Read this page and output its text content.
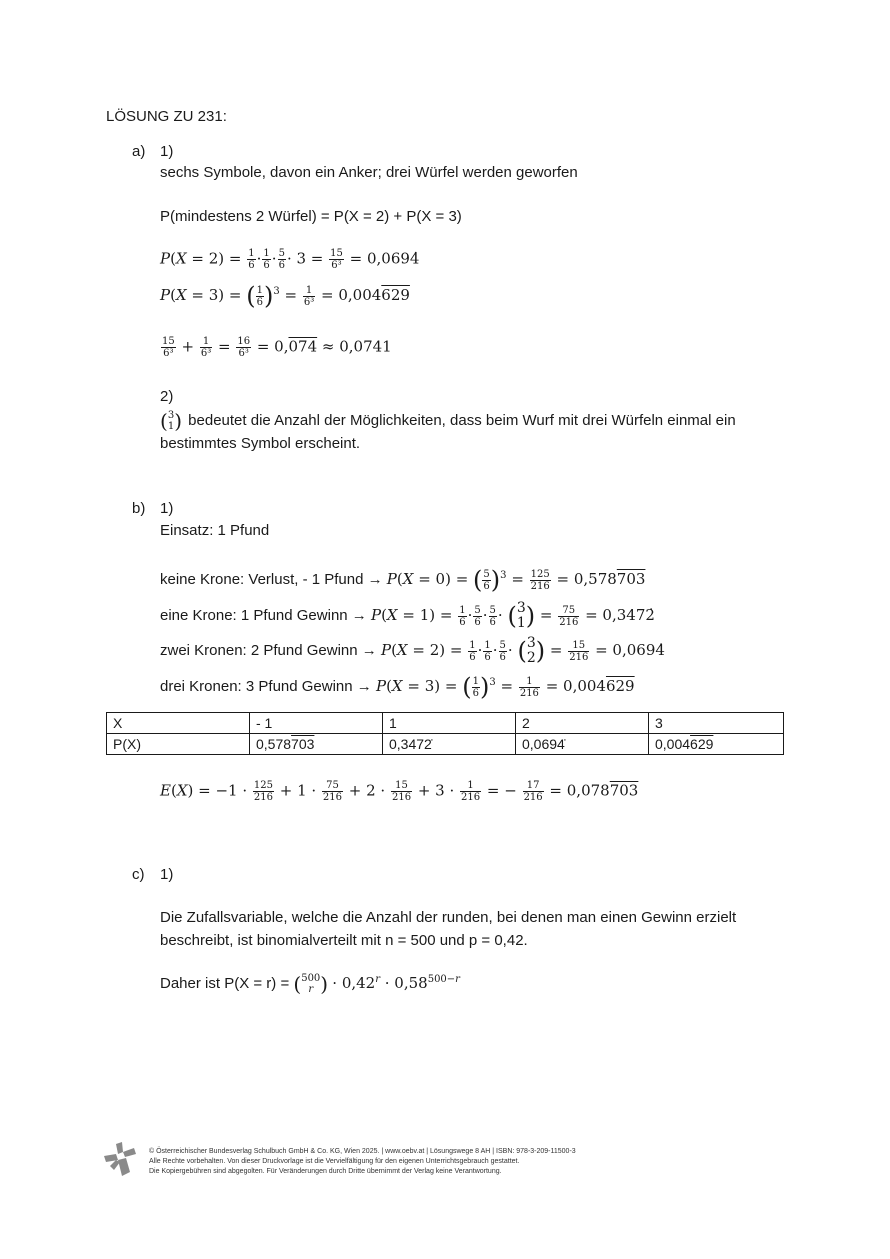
LÖSUNG ZU 231:
a) 1)
sechs Symbole, davon ein Anker; drei Würfel werden geworfen
P(mindestens 2 Würfel) = P(X = 2) + P(X = 3)
$P(X = 2) = \frac{1}{6} \cdot \frac{1}{6} \cdot \frac{5}{6} \cdot 3 = \frac{15}{\text{6³}}$ = 0,0694̇
P(X = 3) = ( $\frac{1}{6} )^3 = \frac{1}{\text{6³}} = 0,004629$
$\frac{15}{\text{6³}} + \frac{1}{\text{6³}} = \frac{16}{\text{6³}} = 0,074 \approx 0,0741$
2)
( 3
1 ) bedeutet die Anzahl der Möglichkeiten, dass beim Wurf mit drei Würfeln einmal ein
bestimmtes Symbol erscheint.
b) 1)
Einsatz: 1 Pfund
keine Krone: Verlust, - 1 Pfund → P(X = 0) = ( $\frac{5}{6} )^3 = \frac{125}{216} = 0,578703$
eine Krone: 1 Pfund Gewinn → $P(X = 1) = \frac{1}{6} \cdot \frac{5}{6} \cdot \frac{5}{6}$ · ( 3
1 ) = $\frac{75}{216}$ = 0,3472̇
zwei Kronen: 2 Pfund Gewinn → $P(X = 2) = \frac{1}{6} \cdot \frac{1}{6} \cdot \frac{5}{6}$ · ( 3
2 ) = $\frac{15}{216}$ = 0,0694̇
drei Kronen: 3 Pfund Gewinn → P(X = 3) = ( $\frac{1}{6} )^3 = \frac{1}{216} = 0,004629$
X	- 1	1	2	3
P(X)	0,578703	0,3472̇	0,0694̇	0,004629
$E(X) = -1 \cdot \frac{125}{216} + 1 \cdot \frac{75}{216} + 2 \cdot \frac{15}{216} + 3 \cdot \frac{1}{216}$ = − $\frac{17}{216} = 0,078703$
c) 1)
Die Zufallsvariable, welche die Anzahl der runden, bei denen man einen Gewinn erzielt
beschreibt, ist binomialverteilt mit n = 500 und p = 0,42.
Daher ist P(X = r) = ( 500
r ) · $0,42^r \cdot 0,58^{500-r}$
© Österreichischer Bundesverlag Schulbuch GmbH & Co. KG, Wien 2025. | www.oebv.at | Lösungswege 8 AH | ISBN: 978-3-209-11500-3
Alle Rechte vorbehalten. Von dieser Druckvorlage ist die Vervielfältigung für den eigenen Unterrichtsgebrauch gestattet.
Die Kopiergebühren sind abgegolten. Für Veränderungen durch Dritte übernimmt der Verlag keine Verantwortung.
